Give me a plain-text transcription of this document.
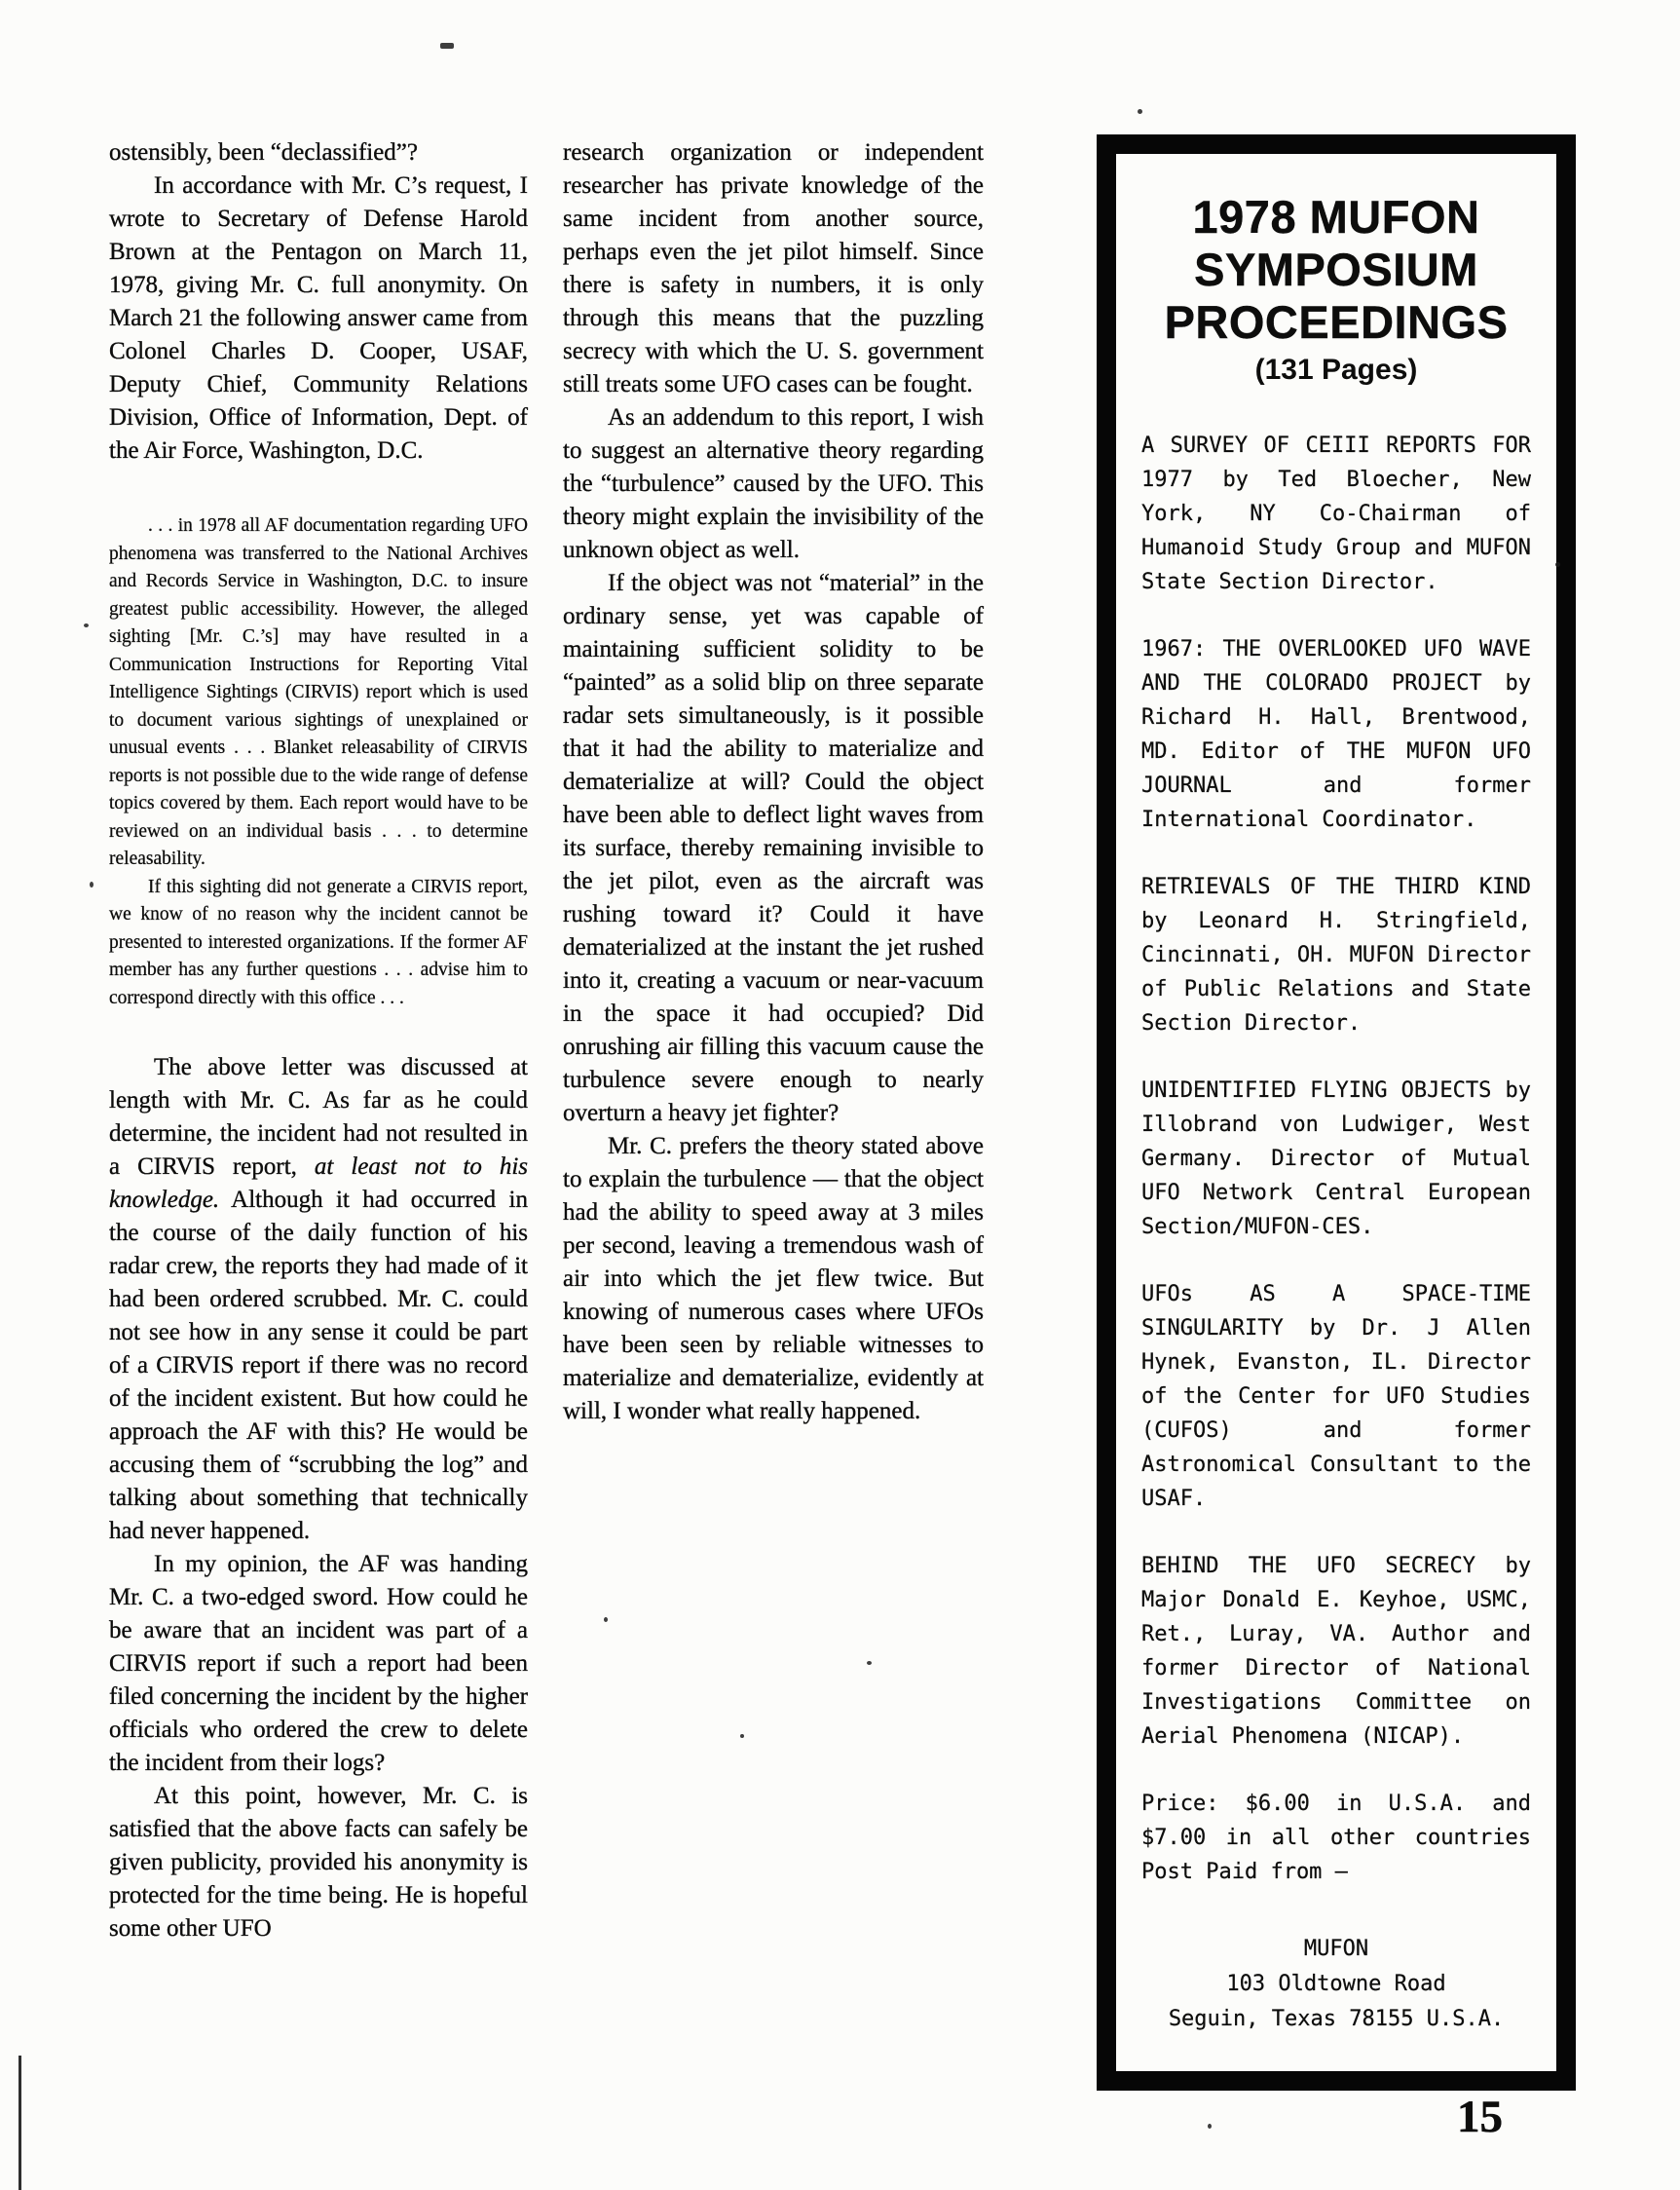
ostensibly, been “declassified”?

In accordance with Mr. C’s request, I wrote to Secretary of Defense Harold Brown at the Pentagon on March 11, 1978, giving Mr. C. full anonymity. On March 21 the following answer came from Colonel Charles D. Cooper, USAF, Deputy Chief, Community Relations Division, Office of Information, Dept. of the Air Force, Washington, D.C.

. . . in 1978 all AF documentation regarding UFO phenomena was transferred to the National Archives and Records Service in Washington, D.C. to insure greatest public accessibility. However, the alleged sighting [Mr. C.’s] may have resulted in a Communication Instructions for Reporting Vital Intelligence Sightings (CIRVIS) report which is used to document various sightings of unexplained or unusual events . . . Blanket releasability of CIRVIS reports is not possible due to the wide range of defense topics covered by them. Each report would have to be reviewed on an individual basis . . . to determine releasability.

If this sighting did not generate a CIRVIS report, we know of no reason why the incident cannot be presented to interested organizations. If the former AF member has any further questions . . . advise him to correspond directly with this office . . .

The above letter was discussed at length with Mr. C. As far as he could determine, the incident had not resulted in a CIRVIS report, at least not to his knowledge. Although it had occurred in the course of the daily function of his radar crew, the reports they had made of it had been ordered scrubbed. Mr. C. could not see how in any sense it could be part of a CIRVIS report if there was no record of the incident existent. But how could he approach the AF with this? He would be accusing them of “scrubbing the log” and talking about something that technically had never happened.

In my opinion, the AF was handing Mr. C. a two-edged sword. How could he be aware that an incident was part of a CIRVIS report if such a report had been filed concerning the incident by the higher officials who ordered the crew to delete the incident from their logs?

At this point, however, Mr. C. is satisfied that the above facts can safely be given publicity, provided his anonymity is protected for the time being. He is hopeful some other UFO

research organization or independent researcher has private knowledge of the same incident from another source, perhaps even the jet pilot himself. Since there is safety in numbers, it is only through this means that the puzzling secrecy with which the U. S. government still treats some UFO cases can be fought.

As an addendum to this report, I wish to suggest an alternative theory regarding the “turbulence” caused by the UFO. This theory might explain the invisibility of the unknown object as well.

If the object was not “material” in the ordinary sense, yet was capable of maintaining sufficient solidity to be “painted” as a solid blip on three separate radar sets simultaneously, is it possible that it had the ability to materialize and dematerialize at will? Could the object have been able to deflect light waves from its surface, thereby remaining invisible to the jet pilot, even as the aircraft was rushing toward it? Could it have dematerialized at the instant the jet rushed into it, creating a vacuum or near-vacuum in the space it had occupied? Did onrushing air filling this vacuum cause the turbulence severe enough to nearly overturn a heavy jet fighter?

Mr. C. prefers the theory stated above to explain the turbulence — that the object had the ability to speed away at 3 miles per second, leaving a tremendous wash of air into which the jet flew twice. But knowing of numerous cases where UFOs have been seen by reliable witnesses to materialize and dematerialize, evidently at will, I wonder what really happened.

1978 MUFON
SYMPOSIUM
PROCEEDINGS
(131 Pages)

A SURVEY OF CEIII REPORTS FOR 1977 by Ted Bloecher, New York, NY Co-Chairman of Humanoid Study Group and MUFON State Section Director.

1967: THE OVERLOOKED UFO WAVE AND THE COLORADO PROJECT by Richard H. Hall, Brentwood, MD. Editor of THE MUFON UFO JOURNAL and former International Coordinator.

RETRIEVALS OF THE THIRD KIND by Leonard H. Stringfield, Cincinnati, OH. MUFON Director of Public Relations and State Section Director.

UNIDENTIFIED FLYING OBJECTS by Illobrand von Ludwiger, West Germany. Director of Mutual UFO Network Central European Section/MUFON-CES.

UFOs AS A SPACE-TIME SINGULARITY by Dr. J Allen Hynek, Evanston, IL. Director of the Center for UFO Studies (CUFOS) and former Astronomical Consultant to the USAF.

BEHIND THE UFO SECRECY by Major Donald E. Keyhoe, USMC, Ret., Luray, VA. Author and former Director of National Investigations Committee on Aerial Phenomena (NICAP).

Price: $6.00 in U.S.A. and $7.00 in all other countries Post Paid from —

MUFON
103 Oldtowne Road
Seguin, Texas 78155 U.S.A.
15
